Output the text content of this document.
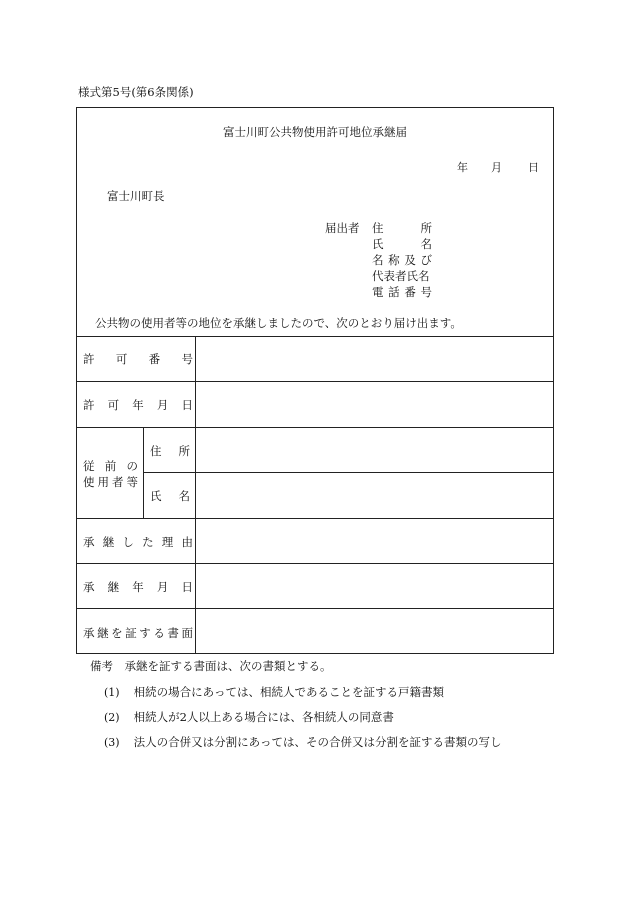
様式第5号(第6条関係)
富士川町公共物使用許可地位承継届
年 月 日
富士川町長
届出者 住	所
氏	名
名 称 及 び
代表者氏名
電 話 番 号
公共物の使用者等の地位を承継しましたので、次のとおり届け出ます。
許 可 番 号
許 可 年 月 日
従 前 の
使 用 者 等
住 所
氏 名
承 継 し た 理 由
承 継 年 月 日
承 継 を 証 す る 書 面
備考　承継を証する書面は、次の書類とする。
(1) 相続の場合にあっては、相続人であることを証する戸籍書類
(2) 相続人が2人以上ある場合には、各相続人の同意書
(3) 法人の合併又は分割にあっては、その合併又は分割を証する書類の写し
